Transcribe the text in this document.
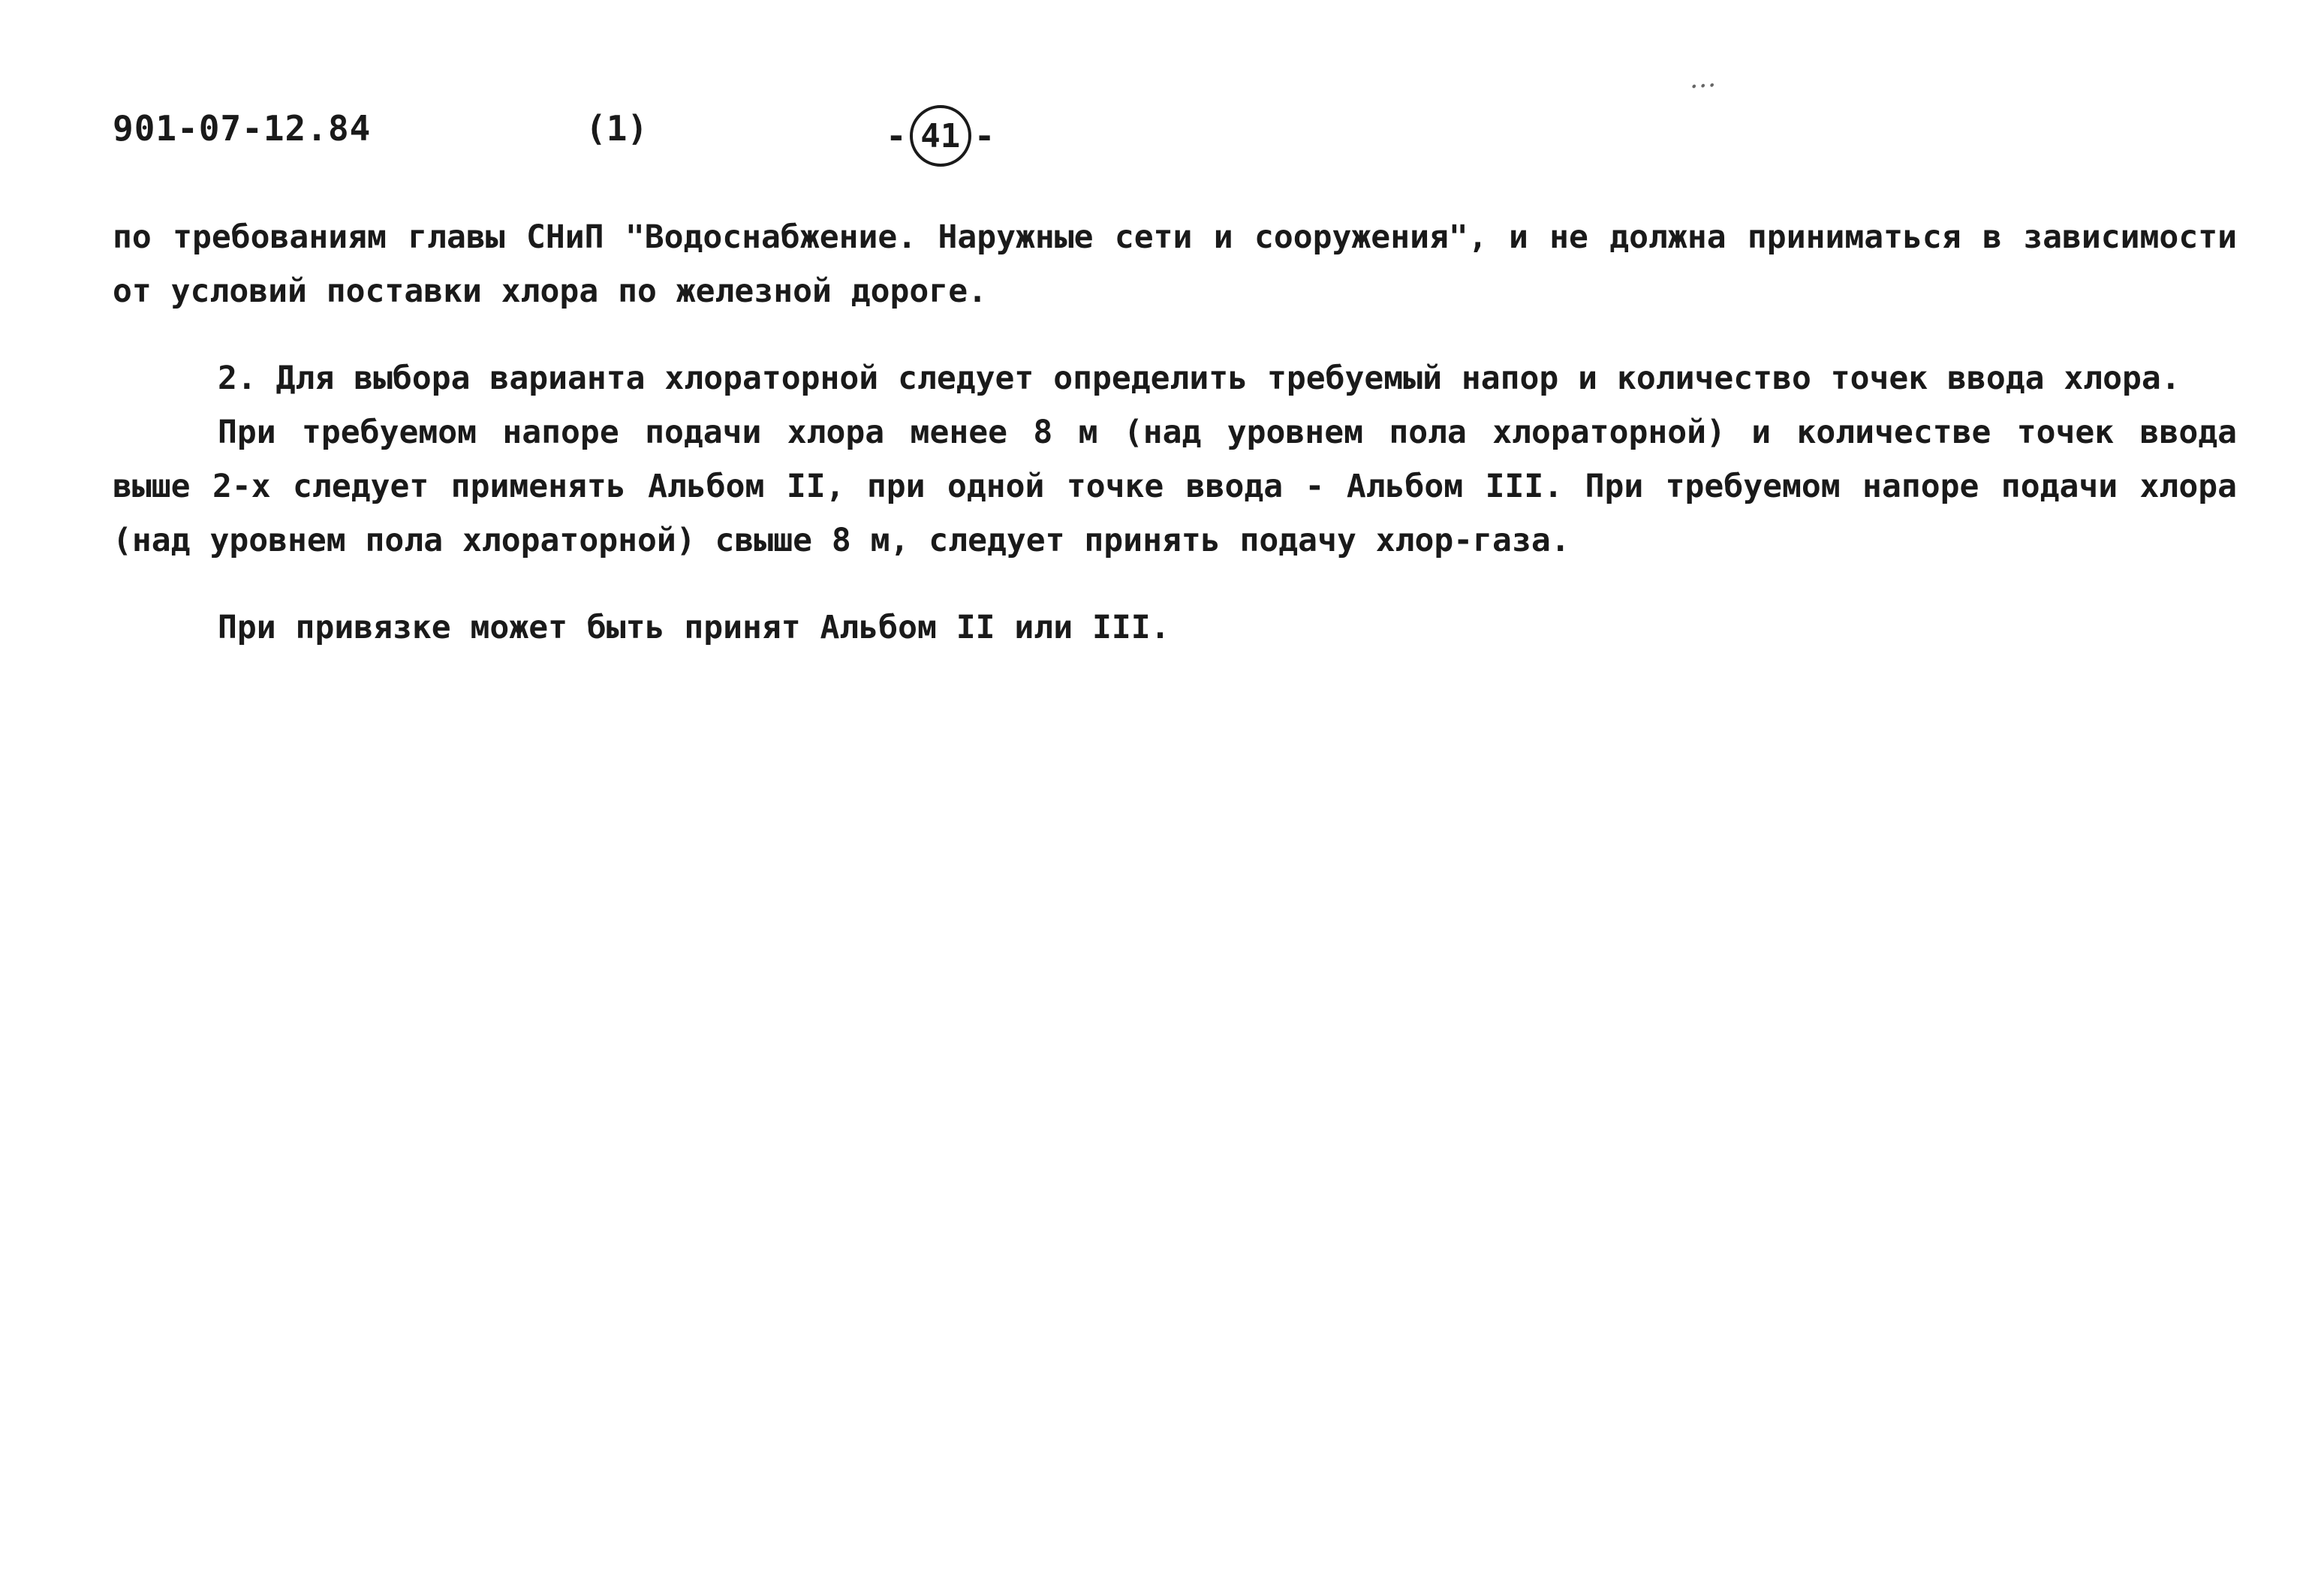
901-07-12.84	(1)	- 41 -
…

по требованиям главы СНиП "Водоснабжение. Наружные сети и сооружения", и не должна приниматься в зависимости от условий поставки хлора по железной дороге.

2. Для выбора варианта хлораторной следует определить требуемый напор и количество точек ввода хлора.

При требуемом напоре подачи хлора менее 8 м (над уровнем пола хлораторной) и количестве точек ввода выше 2-х следует применять Альбом II, при одной точке ввода - Альбом III. При требуемом напоре подачи хлора (над уровнем пола хлораторной) свыше 8 м, следует принять подачу хлор-газа.

При привязке может быть принят Альбом II или III.
